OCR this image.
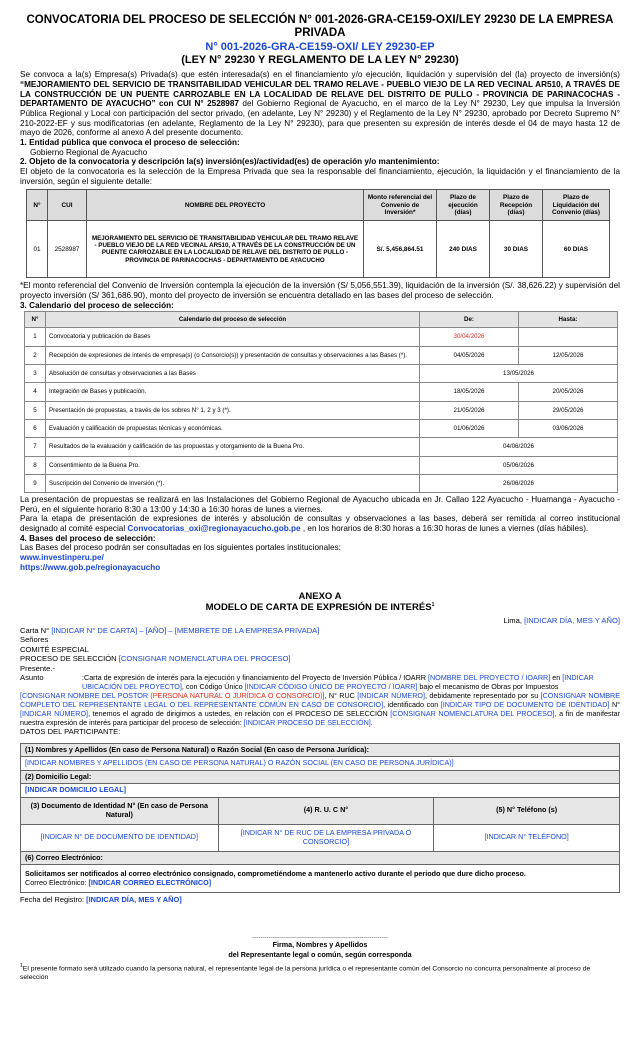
CONVOCATORIA DEL PROCESO DE SELECCIÓN N° 001-2026-GRA-CE159-OXI/LEY 29230 DE LA EMPRESA PRIVADA
N° 001-2026-GRA-CE159-OXI/ LEY 29230-EP
(LEY N° 29230 Y REGLAMENTO DE LA LEY N° 29230)

Se convoca a la(s) Empresa(s) Privada(s) que estén interesada(s) en el financiamiento y/o ejecución, liquidación y supervisión del (la) proyecto de inversión(s) “MEJORAMIENTO DEL SERVICIO DE TRANSITABILIDAD VEHICULAR DEL TRAMO RELAVE - PUEBLO VIEJO DE LA RED VECINAL AR510, A TRAVÉS DE LA CONSTRUCCIÓN DE UN PUENTE CARROZABLE EN LA LOCALIDAD DE RELAVE DEL DISTRITO DE PULLO - PROVINCIA DE PARINACOCHAS - DEPARTAMENTO DE AYACUCHO” con CUI N° 2528987 del Gobierno Regional de Ayacucho, en el marco de la Ley N° 29230, Ley que impulsa la Inversión Pública Regional y Local con participación del sector privado, (en adelante, Ley N° 29230) y el Reglamento de la Ley N° 29230, aprobado por Decreto Supremo N° 210-2022-EF y sus modificatorias (en adelante, Reglamento de la Ley N° 29230), para que presenten su expresión de interés desde el 04 de mayo hasta 12 de mayo de 2026, conforme al anexo A del presente documento.

1. Entidad pública que convoca el proceso de selección:

Gobierno Regional de Ayacucho

2. Objeto de la convocatoria y descripción la(s) inversión(es)/actividad(es) de operación y/o mantenimiento:

El objeto de la convocatoria es la selección de la Empresa Privada que sea la responsable del financiamiento, ejecución, la liquidación y el financiamiento de la inversión, según el siguiente detalle:

N°	CUI	NOMBRE DEL PROYECTO	Monto referencial del Convenio de Inversión*	Plazo de ejecución (días)	Plazo de Recepción (días)	Plazo de Liquidación del Convenio (días)
01	2528987	MEJORAMIENTO DEL SERVICIO DE TRANSITABILIDAD VEHICULAR DEL TRAMO RELAVE - PUEBLO VIEJO DE LA RED VECINAL AR510, A TRAVÉS DE LA CONSTRUCCIÓN DE UN PUENTE CARROZABLE EN LA LOCALIDAD DE RELAVE DEL DISTRITO DE PULLO - PROVINCIA DE PARINACOCHAS - DEPARTAMENTO DE AYACUCHO	S/. 5,456,864.51	240 DIAS	30 DIAS	60 DIAS

*El monto referencial del Convenio de Inversión contempla la ejecución de la inversión (S/ 5,056,551.39), liquidación de la inversión (S/. 38,626.22) y supervisión del proyecto inversión (S/ 361,686.90), monto del proyecto de inversión se encuentra detallado en las bases del proceso de selección.

3. Calendario del proceso de selección:

N°	Calendario del proceso de selección	De:	Hasta:
1	Convocatoria y publicación de Bases	30/04/2026	
2	Recepción de expresiones de interés de empresa(s) (o Consorcio(s)) y presentación de consultas y observaciones a las Bases (*).	04/05/2026	12/05/2026
3	Absolución de consultas y observaciones a las Bases	13/05/2026	
4	Integración de Bases y publicación.	18/05/2026	20/05/2026
5	Presentación de propuestas, a través de los sobres N° 1, 2 y 3 (*).	21/05/2026	29/05/2026
6	Evaluación y calificación de propuestas técnicas y económicas.	01/06/2026	03/06/2026
7	Resultados de la evaluación y calificación de las propuestas y otorgamiento de la Buena Pro.	04/06/2026	
8	Consentimiento de la Buena Pro.	05/06/2026	
9	Suscripción del Convenio de Inversión (*).	26/06/2026	

La presentación de propuestas se realizará en las Instalaciones del Gobierno Regional de Ayacucho ubicada en Jr. Callao 122 Ayacucho - Huamanga - Ayacucho - Perú, en el siguiente horario 8:30 a 13:00 y 14:30 a 16:30 horas de lunes a viernes.

Para la etapa de presentación de expresiones de interés y absolución de consultas y observaciones a las bases, deberá ser remitida al correo institucional designado al comité especial Convocatorias_oxi@regionayacucho.gob.pe , en los horarios de 8:30 horas a 16:30 horas de lunes a viernes (días hábiles).

4. Bases del proceso de selección:

Las Bases del proceso podrán ser consultadas en los siguientes portales institucionales:

www.investinperu.pe/

https://www.gob.pe/regionayacucho

ANEXO A
MODELO DE CARTA DE EXPRESIÓN DE INTERÉS$^1$
Lima, [INDICAR DÍA, MES Y AÑO]
Carta N° [INDICAR N° DE CARTA] – [AÑO] – [MEMBRETE DE LA EMPRESA PRIVADA]
Señores
COMITÉ ESPECIAL
PROCESO DE SELECCIÓN [CONSIGNAR NOMENCLATURA DEL PROCESO]
Presente.-
Asunto	:Carta de expresión de interés para la ejecución y financiamiento del Proyecto de Inversión Pública / IOARR [NOMBRE DEL PROYECTO / IOARR] en [INDICAR UBICACIÓN DEL PROYECTO], con Código Único [INDICAR CÓDIGO ÚNICO DE PROYECTO / IOARR] bajo el mecanismo de Obras por Impuestos

[CONSIGNAR NOMBRE DEL POSTOR (PERSONA NATURAL O JURÍDICA O CONSORCIO)], N° RUC [INDICAR NÚMERO], debidamente representado por su [CONSIGNAR NOMBRE COMPLETO DEL REPRESENTANTE LEGAL O DEL REPRESENTANTE COMÚN EN CASO DE CONSORCIO], identificado con [INDICAR TIPO DE DOCUMENTO DE IDENTIDAD] N° [INDICAR NÚMERO], tenemos el agrado de dirigirnos a ustedes, en relación con el PROCESO DE SELECCIÓN [CONSIGNAR NOMENCLATURA DEL PROCESO], a fin de manifestar nuestra expresión de interés para participar del proceso de selección: [INDICAR PROCESO DE SELECCIÓN].

DATOS DEL PARTICIPANTE:
(1) Nombres y Apellidos (En caso de Persona Natural) o Razón Social (En caso de Persona Jurídica):		
[INDICAR NOMBRES Y APELLIDOS (EN CASO DE PERSONA NATURAL) O RAZÓN SOCIAL (EN CASO DE PERSONA JURÍDICA)]		
(2) Domicilio Legal:		
[INDICAR DOMICILIO LEGAL]		
(3) Documento de Identidad N° (En caso de Persona Natural)	(4) R. U. C N°	(5) N° Teléfono (s)
[INDICAR N° DE DOCUMENTO DE IDENTIDAD]	[INDICAR N° DE RUC DE LA EMPRESA PRIVADA O CONSORCIO]	[INDICAR N° TELÉFONO]
(6) Correo Electrónico:		

Solicitamos ser notificados al correo electrónico consignado, comprometiéndome a mantenerlo activo durante el periodo que dure dicho proceso.
Correo Electrónico: [INDICAR CORREO ELECTRÓNICO]		
Fecha del Registro: [INDICAR DÍA, MES Y AÑO]
....................................................................
Firma, Nombres y Apellidos
del Representante legal o común, según corresponda
$^1$El presente formato será utilizado cuando la persona natural, el representante legal de la persona jurídica o el representante común del Consorcio no concurra personalmente al proceso de selección
